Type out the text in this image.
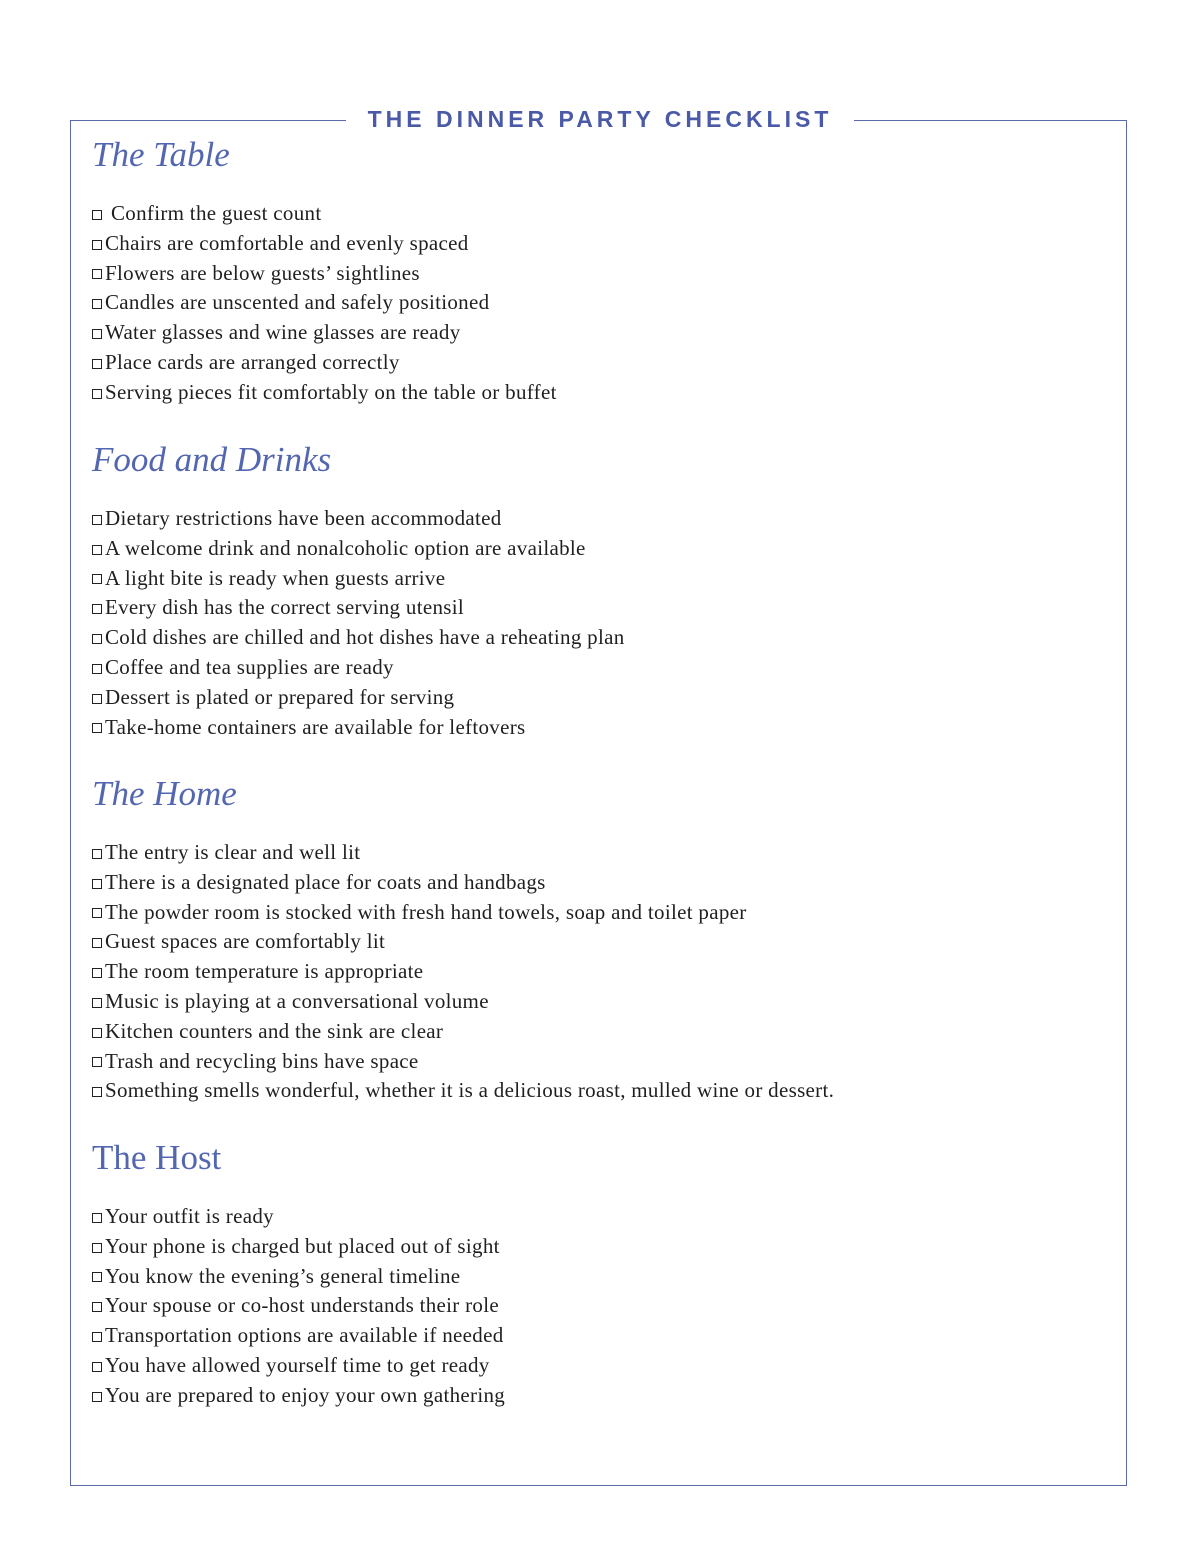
THE DINNER PARTY CHECKLIST
The Table
Confirm the guest count
Chairs are comfortable and evenly spaced
Flowers are below guests’ sightlines
Candles are unscented and safely positioned
Water glasses and wine glasses are ready
Place cards are arranged correctly
Serving pieces fit comfortably on the table or buffet
Food and Drinks
Dietary restrictions have been accommodated
A welcome drink and nonalcoholic option are available
A light bite is ready when guests arrive
Every dish has the correct serving utensil
Cold dishes are chilled and hot dishes have a reheating plan
Coffee and tea supplies are ready
Dessert is plated or prepared for serving
Take-home containers are available for leftovers
The Home
The entry is clear and well lit
There is a designated place for coats and handbags
The powder room is stocked with fresh hand towels, soap and toilet paper
Guest spaces are comfortably lit
The room temperature is appropriate
Music is playing at a conversational volume
Kitchen counters and the sink are clear
Trash and recycling bins have space
Something smells wonderful, whether it is a delicious roast, mulled wine or dessert.
The Host
Your outfit is ready
Your phone is charged but placed out of sight
You know the evening’s general timeline
Your spouse or co-host understands their role
Transportation options are available if needed
You have allowed yourself time to get ready
You are prepared to enjoy your own gathering
